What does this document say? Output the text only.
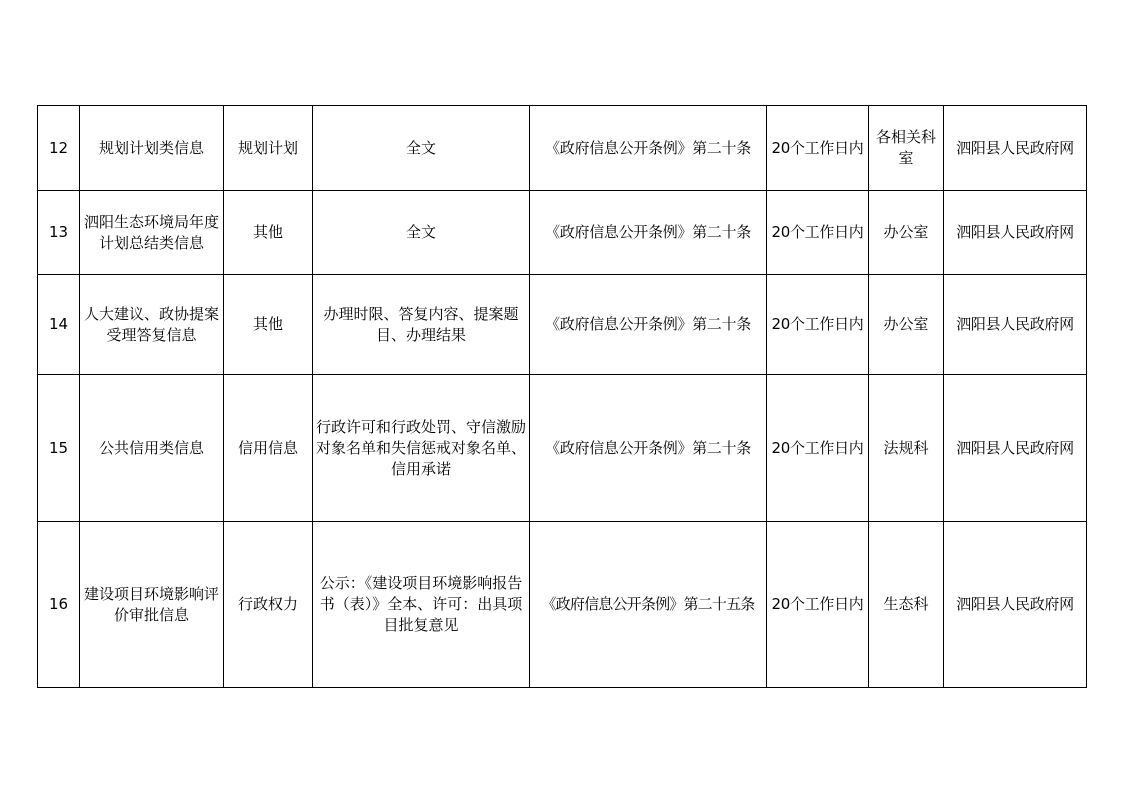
12	规划计划类信息	规划计划	全文	《政府信息公开条例》第二十条	20个工作日内	各相关科室	泗阳县人民政府网
13	泗阳生态环境局年度计划总结类信息	其他	全文	《政府信息公开条例》第二十条	20个工作日内	办公室	泗阳县人民政府网
14	人大建议、政协提案受理答复信息	其他	办理时限、答复内容、提案题目、办理结果	《政府信息公开条例》第二十条	20个工作日内	办公室	泗阳县人民政府网
15	公共信用类信息	信用信息	行政许可和行政处罚、守信激励对象名单和失信惩戒对象名单、信用承诺	《政府信息公开条例》第二十条	20个工作日内	法规科	泗阳县人民政府网
16	建设项目环境影响评价审批信息	行政权力	公示：《建设项目环境影响报告书（表）》全本、许可：出具项目批复意见	《政府信息公开条例》第二十五条	20个工作日内	生态科	泗阳县人民政府网
